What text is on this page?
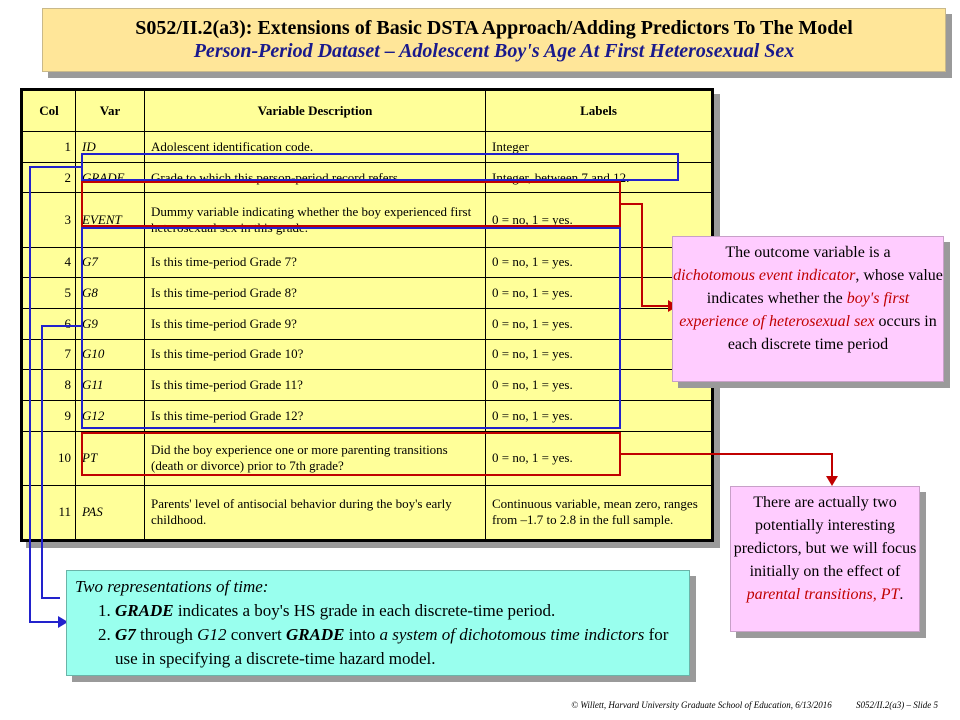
S052/II.2(a3): Extensions of Basic DSTA Approach/Adding Predictors To The Model
Person-Period Dataset – Adolescent Boy's Age At First Heterosexual Sex
Col	Var	Variable Description	Labels
1	ID	Adolescent identification code.	Integer
2	GRADE	Grade to which this person-period record refers.	Integer, between 7 and 12.
3	EVENT	Dummy variable indicating whether the boy experienced first heterosexual sex in this grade.	0 = no, 1 = yes.
4	G7	Is this time-period Grade 7?	0 = no, 1 = yes.
5	G8	Is this time-period Grade 8?	0 = no, 1 = yes.
6	G9	Is this time-period Grade 9?	0 = no, 1 = yes.
7	G10	Is this time-period Grade 10?	0 = no, 1 = yes.
8	G11	Is this time-period Grade 11?	0 = no, 1 = yes.
9	G12	Is this time-period Grade 12?	0 = no, 1 = yes.
10	PT	Did the boy experience one or more parenting transitions (death or divorce) prior to 7th grade?	0 = no, 1 = yes.
11	PAS	Parents' level of antisocial behavior during the boy's early childhood.	Continuous variable, mean zero, ranges from –1.7 to 2.8 in the full sample.
The outcome variable is a
dichotomous event indicator, whose value indicates whether the boy's first experience of heterosexual sex occurs in each discrete time period
There are actually two potentially interesting predictors, but we will focus initially on the effect of parental transitions, PT.
Two representations of time:
1. GRADE indicates a boy's HS grade in each discrete-time period.
2. G7 through G12 convert GRADE into a system of dichotomous time indictors for use in specifying a discrete-time hazard model.
© Willett, Harvard University Graduate School of Education, 6/13/2016	S052/II.2(a3) – Slide 5
